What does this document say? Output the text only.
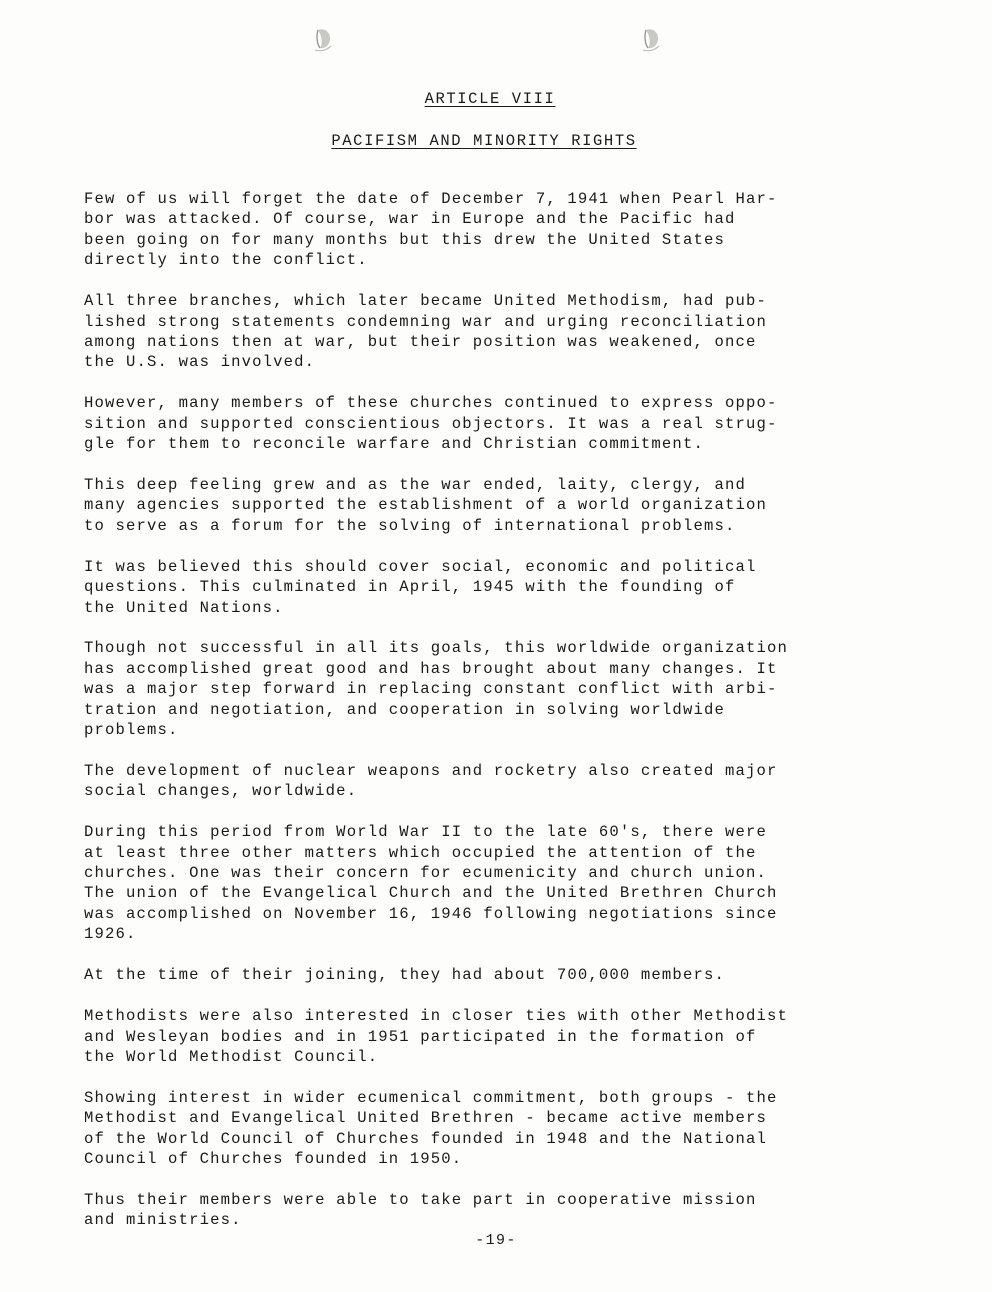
ARTICLE VIII
PACIFISM AND MINORITY RIGHTS

Few of us will forget the date of December 7, 1941 when Pearl Har-
bor was attacked. Of course, war in Europe and the Pacific had
been going on for many months but this drew the United States
directly into the conflict.

All three branches, which later became United Methodism, had pub-
lished strong statements condemning war and urging reconciliation
among nations then at war, but their position was weakened, once
the U.S. was involved.

However, many members of these churches continued to express oppo-
sition and supported conscientious objectors. It was a real strug-
gle for them to reconcile warfare and Christian commitment.

This deep feeling grew and as the war ended, laity, clergy, and
many agencies supported the establishment of a world organization
to serve as a forum for the solving of international problems.

It was believed this should cover social, economic and political
questions. This culminated in April, 1945 with the founding of
the United Nations.

Though not successful in all its goals, this worldwide organization
has accomplished great good and has brought about many changes. It
was a major step forward in replacing constant conflict with arbi-
tration and negotiation, and cooperation in solving worldwide
problems.

The development of nuclear weapons and rocketry also created major
social changes, worldwide.

During this period from World War II to the late 60's, there were
at least three other matters which occupied the attention of the
churches. One was their concern for ecumenicity and church union.
The union of the Evangelical Church and the United Brethren Church
was accomplished on November 16, 1946 following negotiations since
1926.

At the time of their joining, they had about 700,000 members.

Methodists were also interested in closer ties with other Methodist
and Wesleyan bodies and in 1951 participated in the formation of
the World Methodist Council.

Showing interest in wider ecumenical commitment, both groups - the
Methodist and Evangelical United Brethren - became active members
of the World Council of Churches founded in 1948 and the National
Council of Churches founded in 1950.

Thus their members were able to take part in cooperative mission
and ministries.

-19-
